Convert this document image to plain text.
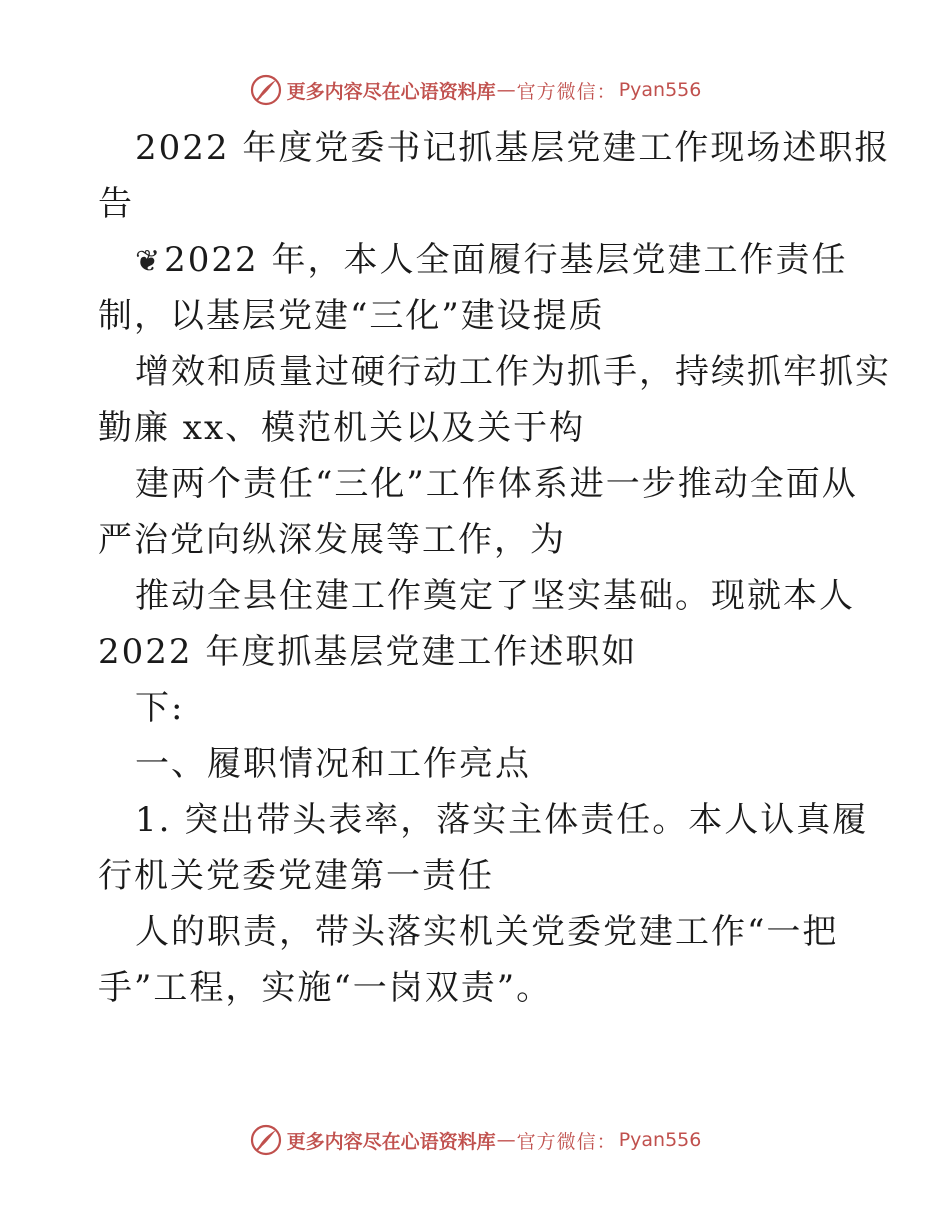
更多内容尽在心语资料库 — 官方微信： Pyan556
2022 年度党委书记抓基层党建工作现场述职报
告
❦2022 年，本人全面履行基层党建工作责任
制，以基层党建“三化”建设提质
增效和质量过硬行动工作为抓手，持续抓牢抓实
勤廉 xx、模范机关以及关于构
建两个责任“三化”工作体系进一步推动全面从
严治党向纵深发展等工作，为
推动全县住建工作奠定了坚实基础。现就本人
2022 年度抓基层党建工作述职如
下:
一、履职情况和工作亮点
1. 突出带头表率，落实主体责任。本人认真履
行机关党委党建第一责任
人的职责，带头落实机关党委党建工作“一把
手”工程，实施“一岗双责”。
更多内容尽在心语资料库 — 官方微信： Pyan556
